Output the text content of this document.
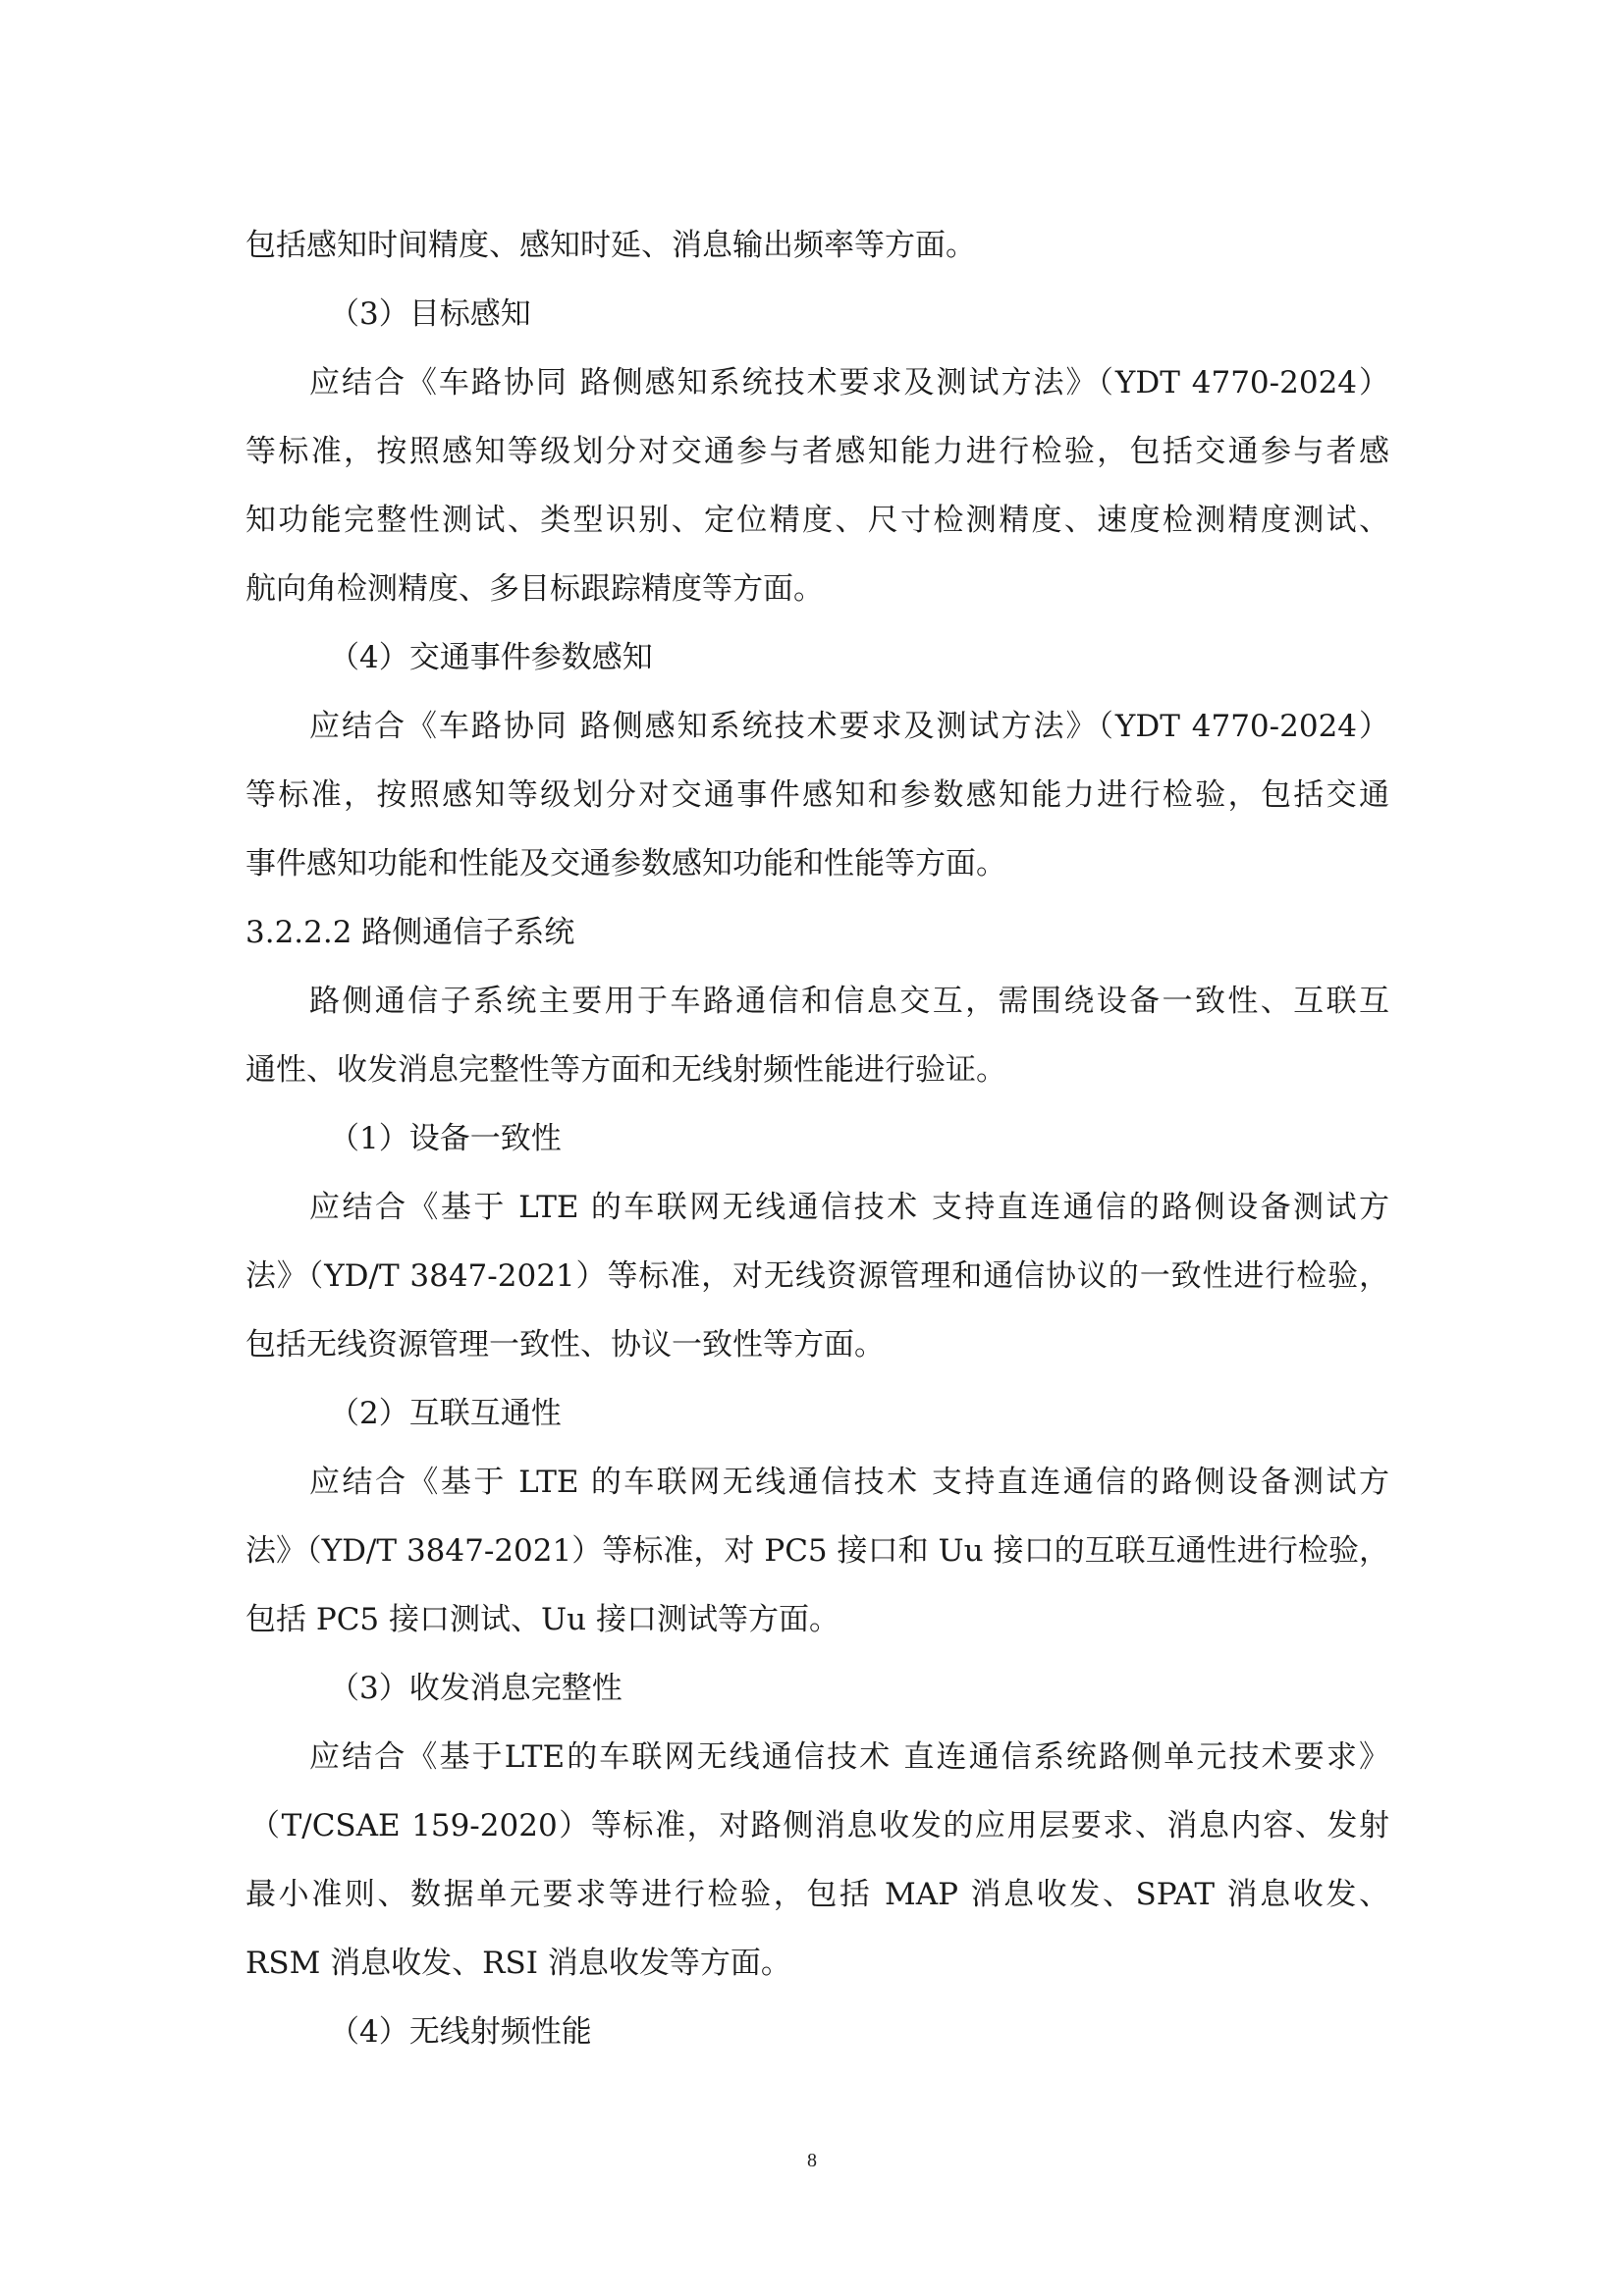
包括感知时间精度、感知时延、消息输出频率等方面。
（3）目标感知
应结合《车路协同 路侧感知系统技术要求及测试方法》（YDT 4770-2024）
等标准，按照感知等级划分对交通参与者感知能力进行检验，包括交通参与者感
知功能完整性测试、类型识别、定位精度、尺寸检测精度、速度检测精度测试、
航向角检测精度、多目标跟踪精度等方面。
（4）交通事件参数感知
应结合《车路协同 路侧感知系统技术要求及测试方法》（YDT 4770-2024）
等标准，按照感知等级划分对交通事件感知和参数感知能力进行检验，包括交通
事件感知功能和性能及交通参数感知功能和性能等方面。
3.2.2.2 路侧通信子系统
路侧通信子系统主要用于车路通信和信息交互，需围绕设备一致性、互联互
通性、收发消息完整性等方面和无线射频性能进行验证。
（1）设备一致性
应结合《基于 LTE 的车联网无线通信技术 支持直连通信的路侧设备测试方
法》（YD/T 3847-2021）等标准，对无线资源管理和通信协议的一致性进行检验，
包括无线资源管理一致性、协议一致性等方面。
（2）互联互通性
应结合《基于 LTE 的车联网无线通信技术 支持直连通信的路侧设备测试方
法》（YD/T 3847-2021）等标准，对 PC5 接口和 Uu 接口的互联互通性进行检验，
包括 PC5 接口测试、Uu 接口测试等方面。
（3）收发消息完整性
应结合《基于LTE的车联网无线通信技术 直连通信系统路侧单元技术要求》
（T/CSAE 159-2020）等标准，对路侧消息收发的应用层要求、消息内容、发射
最小准则、数据单元要求等进行检验，包括 MAP 消息收发、SPAT 消息收发、
RSM 消息收发、RSI 消息收发等方面。
（4）无线射频性能
8
